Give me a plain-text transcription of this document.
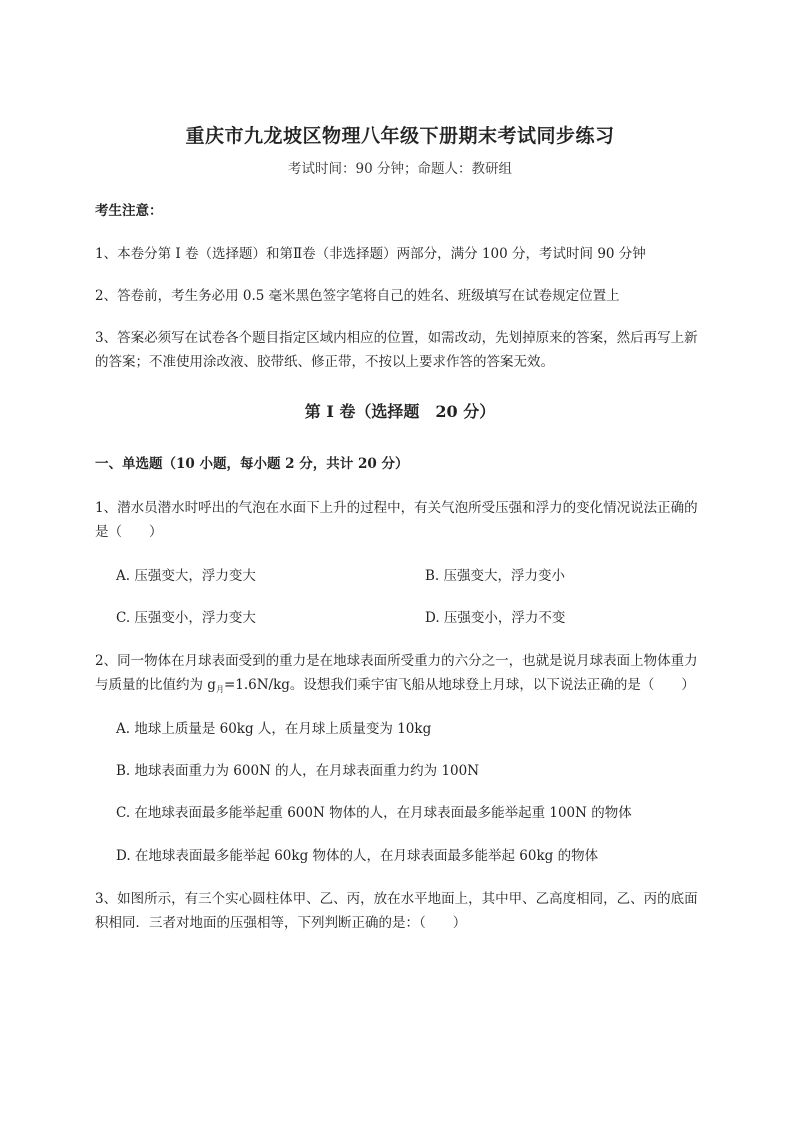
重庆市九龙坡区物理八年级下册期末考试同步练习
考试时间：90 分钟；命题人：教研组
考生注意：
1、本卷分第 I 卷（选择题）和第Ⅱ卷（非选择题）两部分，满分 100 分，考试时间 90 分钟
2、答卷前，考生务必用 0.5 毫米黑色签字笔将自己的姓名、班级填写在试卷规定位置上
3、答案必须写在试卷各个题目指定区域内相应的位置，如需改动，先划掉原来的答案，然后再写上新
的答案；不准使用涂改液、胶带纸、修正带，不按以上要求作答的答案无效。
第 I 卷（选择题　20 分）
一、单选题（10 小题，每小题 2 分，共计 20 分）
1、潜水员潜水时呼出的气泡在水面下上升的过程中，有关气泡所受压强和浮力的变化情况说法正确的
是（　　）
A. 压强变大，浮力变大	B. 压强变大，浮力变小
C. 压强变小，浮力变大	D. 压强变小，浮力不变
2、同一物体在月球表面受到的重力是在地球表面所受重力的六分之一，也就是说月球表面上物体重力
与质量的比值约为 $g_月=1.6N/kg$。设想我们乘宇宙飞船从地球登上月球，以下说法正确的是（　　）
A. 地球上质量是 60kg 人，在月球上质量变为 10kg
B. 地球表面重力为 600N 的人，在月球表面重力约为 100N
C. 在地球表面最多能举起重 600N 物体的人，在月球表面最多能举起重 100N 的物体
D. 在地球表面最多能举起 60kg 物体的人，在月球表面最多能举起 60kg 的物体
3、如图所示，有三个实心圆柱体甲、乙、丙，放在水平地面上，其中甲、乙高度相同，乙、丙的底面
积相同．三者对地面的压强相等，下列判断正确的是：（　　）
